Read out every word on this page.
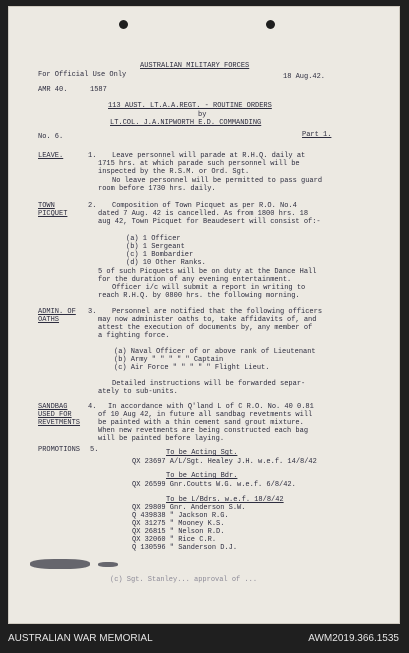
AUSTRALIAN MILITARY FORCES
For Official Use Only	18 Aug.42.
AMR 40.	1587
113 AUST. LT.A.A.REGT. - ROUTINE ORDERS
by
LT.COL. J.A.NIPWORTH E.D. COMMANDING
No. 6.	Part 1.
LEAVE.	1. Leave personnel will parade at R.H.Q. daily at
1715 hrs. at which parade such personnel will be
inspected by the R.S.M. or Ord. Sgt.
No leave personnel will be permitted to pass guard
room before 1730 hrs. daily.
TOWN
PICQUET
2. Composition of Town Picquet as per R.O. No.4
dated 7 Aug. 42 is cancelled. As from 1800 hrs. 18
aug 42, Town Picquet for Beaudesert will consist of:-
(a) 1 Officer
(b) 1 Sergeant
(c) 1 Bombardier
(d) 10 Other Ranks.
5 of such Picquets will be on duty at the Dance Hall
for the duration of any evening entertainment.
Officer i/c will submit a report in writing to
reach R.H.Q. by 0800 hrs. the following morning.
ADMIN. OF
OATHS
3. Personnel are notified that the following officers
may now administer oaths to, take affidavits of, and
attest the execution of documents by, any member of
a fighting force.
(a) Naval Officer of or above rank of Lieutenant
(b) Army " " " " " Captain
(c) Air Force " " " " " Flight Lieut.
Detailed instructions will be forwarded separ-
ately to sub-units.
SANDBAG
USED FOR
REVETMENTS
4. In accordance with Q'land L of C R.O. No. 40 0.81
of 10 Aug 42, in future all sandbag revetments will
be painted with a thin cement sand grout mixture.
When new revetments are being constructed each bag
will be painted before laying.
PROMOTIONS 5.	To be Acting Sgt.
QX 23697 A/L/Sgt. Healey J.H. w.e.f. 14/8/42
To be Acting Bdr.
QX 26599 Gnr.Coutts W.G. w.e.f. 6/8/42.
To be L/Bdrs. w.e.f. 18/8/42
QX 29809 Gnr. Anderson S.W.
Q 439838 " Jackson R.G.
QX 31275 " Mooney K.S.
QX 26815 " Nelson R.D.
QX 32060 " Rice C.R.
Q 130596 " Sanderson D.J.
(c) Sgt. Stanley... approval of ...
AUSTRALIAN WAR MEMORIAL	AWM2019.366.1535
